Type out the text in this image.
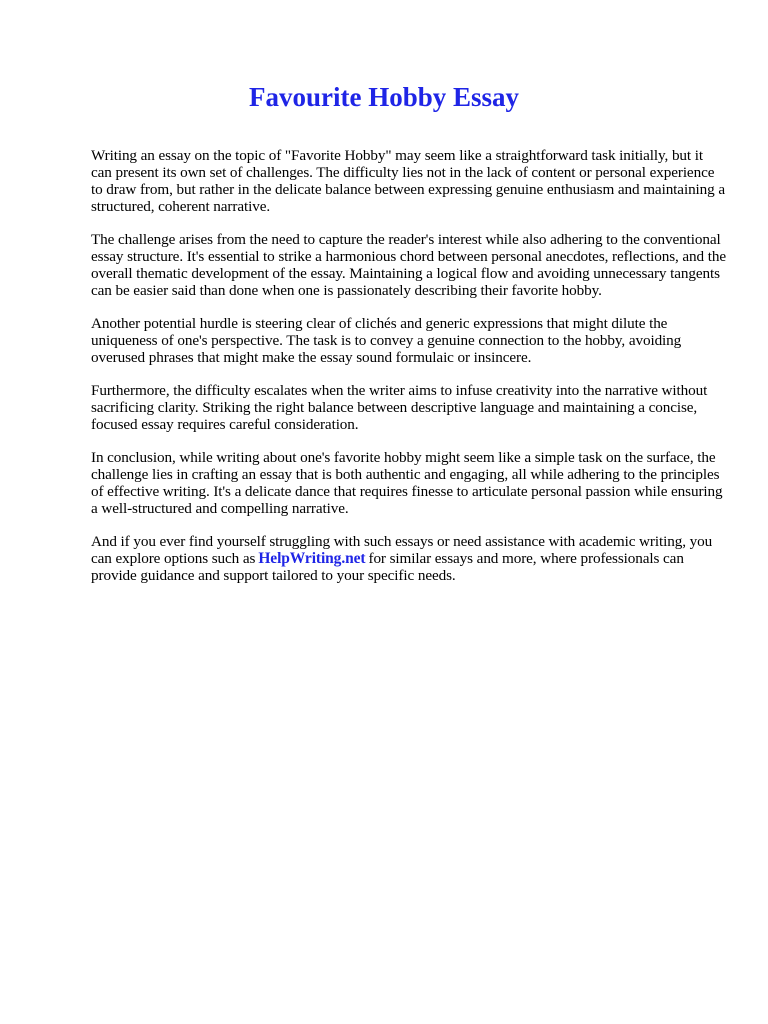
Favourite Hobby Essay

Writing an essay on the topic of "Favorite Hobby" may seem like a straightforward task initially, but it can present its own set of challenges. The difficulty lies not in the lack of content or personal experience to draw from, but rather in the delicate balance between expressing genuine enthusiasm and maintaining a structured, coherent narrative.

The challenge arises from the need to capture the reader's interest while also adhering to the conventional essay structure. It's essential to strike a harmonious chord between personal anecdotes, reflections, and the overall thematic development of the essay. Maintaining a logical flow and avoiding unnecessary tangents can be easier said than done when one is passionately describing their favorite hobby.

Another potential hurdle is steering clear of clichés and generic expressions that might dilute the uniqueness of one's perspective. The task is to convey a genuine connection to the hobby, avoiding overused phrases that might make the essay sound formulaic or insincere.

Furthermore, the difficulty escalates when the writer aims to infuse creativity into the narrative without sacrificing clarity. Striking the right balance between descriptive language and maintaining a concise, focused essay requires careful consideration.

In conclusion, while writing about one's favorite hobby might seem like a simple task on the surface, the challenge lies in crafting an essay that is both authentic and engaging, all while adhering to the principles of effective writing. It's a delicate dance that requires finesse to articulate personal passion while ensuring a well-structured and compelling narrative.

And if you ever find yourself struggling with such essays or need assistance with academic writing, you can explore options such as HelpWriting.net for similar essays and more, where professionals can provide guidance and support tailored to your specific needs.
